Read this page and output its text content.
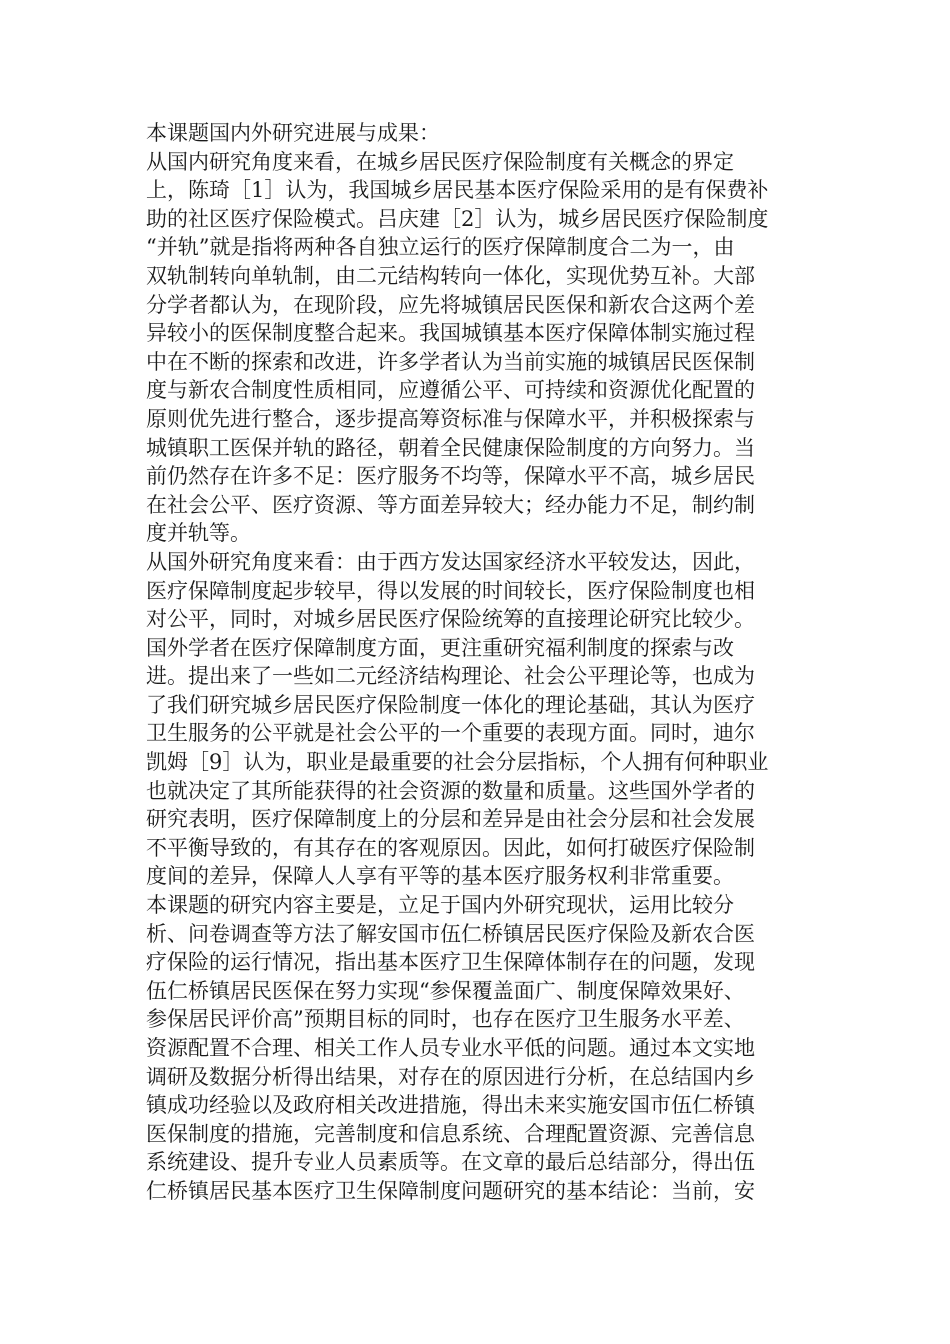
本课题国内外研究进展与成果：
从国内研究角度来看，在城乡居民医疗保险制度有关概念的界定
上，陈琦［1］认为，我国城乡居民基本医疗保险采用的是有保费补
助的社区医疗保险模式。吕庆建［2］认为，城乡居民医疗保险制度
“并轨”就是指将两种各自独立运行的医疗保障制度合二为一，由
双轨制转向单轨制，由二元结构转向一体化，实现优势互补。大部
分学者都认为，在现阶段，应先将城镇居民医保和新农合这两个差
异较小的医保制度整合起来。我国城镇基本医疗保障体制实施过程
中在不断的探索和改进，许多学者认为当前实施的城镇居民医保制
度与新农合制度性质相同，应遵循公平、可持续和资源优化配置的
原则优先进行整合，逐步提高筹资标准与保障水平，并积极探索与
城镇职工医保并轨的路径，朝着全民健康保险制度的方向努力。当
前仍然存在许多不足：医疗服务不均等，保障水平不高，城乡居民
在社会公平、医疗资源、等方面差异较大；经办能力不足，制约制
度并轨等。
从国外研究角度来看：由于西方发达国家经济水平较发达，因此，
医疗保障制度起步较早，得以发展的时间较长，医疗保险制度也相
对公平，同时，对城乡居民医疗保险统筹的直接理论研究比较少。
国外学者在医疗保障制度方面，更注重研究福利制度的探索与改
进。提出来了一些如二元经济结构理论、社会公平理论等，也成为
了我们研究城乡居民医疗保险制度一体化的理论基础，其认为医疗
卫生服务的公平就是社会公平的一个重要的表现方面。同时，迪尔
凯姆［9］认为，职业是最重要的社会分层指标，个人拥有何种职业
也就决定了其所能获得的社会资源的数量和质量。这些国外学者的
研究表明，医疗保障制度上的分层和差异是由社会分层和社会发展
不平衡导致的，有其存在的客观原因。因此，如何打破医疗保险制
度间的差异，保障人人享有平等的基本医疗服务权利非常重要。
本课题的研究内容主要是，立足于国内外研究现状，运用比较分
析、问卷调查等方法了解安国市伍仁桥镇居民医疗保险及新农合医
疗保险的运行情况，指出基本医疗卫生保障体制存在的问题，发现
伍仁桥镇居民医保在努力实现“参保覆盖面广、制度保障效果好、
参保居民评价高”预期目标的同时，也存在医疗卫生服务水平差、
资源配置不合理、相关工作人员专业水平低的问题。通过本文实地
调研及数据分析得出结果，对存在的原因进行分析，在总结国内乡
镇成功经验以及政府相关改进措施，得出未来实施安国市伍仁桥镇
医保制度的措施，完善制度和信息系统、合理配置资源、完善信息
系统建设、提升专业人员素质等。在文章的最后总结部分，得出伍
仁桥镇居民基本医疗卫生保障制度问题研究的基本结论：当前，安
